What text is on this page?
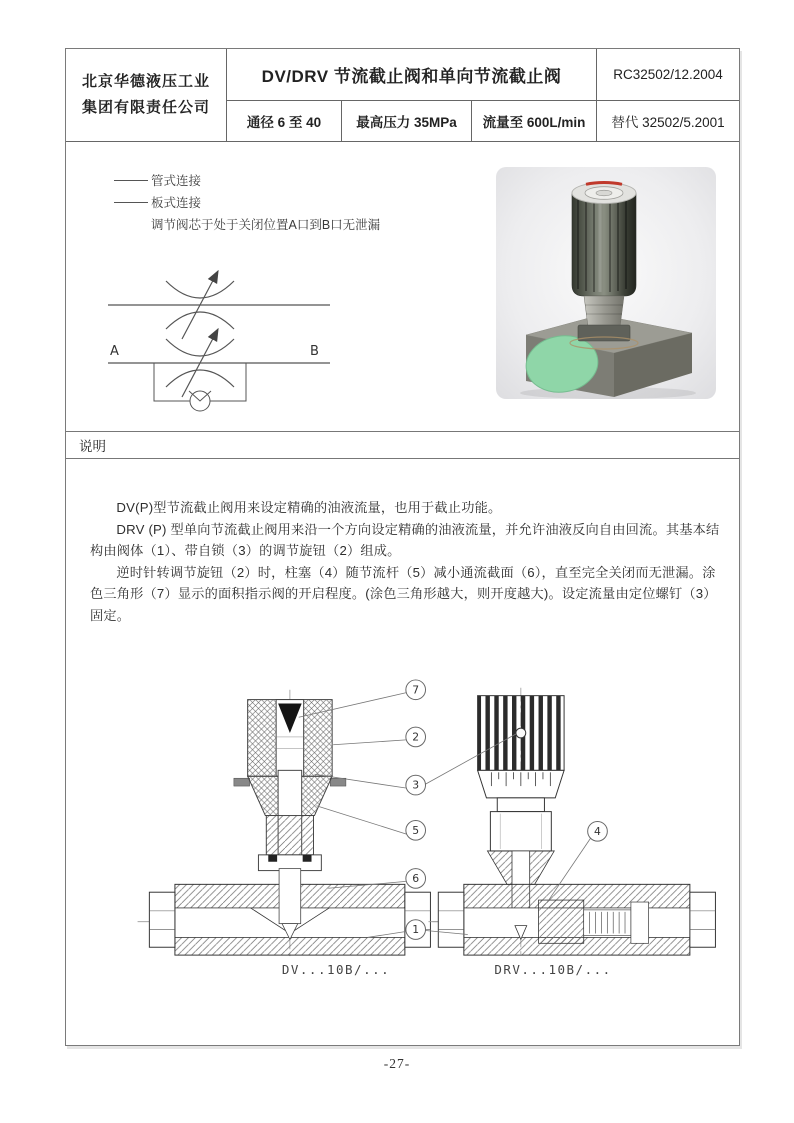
北京华德液压工业
集团有限责任公司
DV/DRV 节流截止阀和单向节流截止阀	RC32502/12.2004
通径 6 至 40	最高压力 35MPa	流量至 600L/min	替代 32502/5.2001
管式连接
板式连接
调节阀芯于处于关闭位置A口到B口无泄漏
A	B
说明

DV(P)型节流截止阀用来设定精确的油液流量，也用于截止功能。

DRV (P) 型单向节流截止阀用来沿一个方向设定精确的油液流量，并允许油液反向自由回流。其基本结构由阀体（1）、带自锁（3）的调节旋钮（2）组成。

逆时针转调节旋钮（2）时，柱塞（4）随节流杆（5）减小通流截面（6），直至完全关闭而无泄漏。涂色三角形（7）显示的面积指示阀的开启程度。(涂色三角形越大，则开度越大)。设定流量由定位螺钉（3）固定。

7
2
3
5
6
1
4
DV...10B/...	DRV...10B/...
-27-
